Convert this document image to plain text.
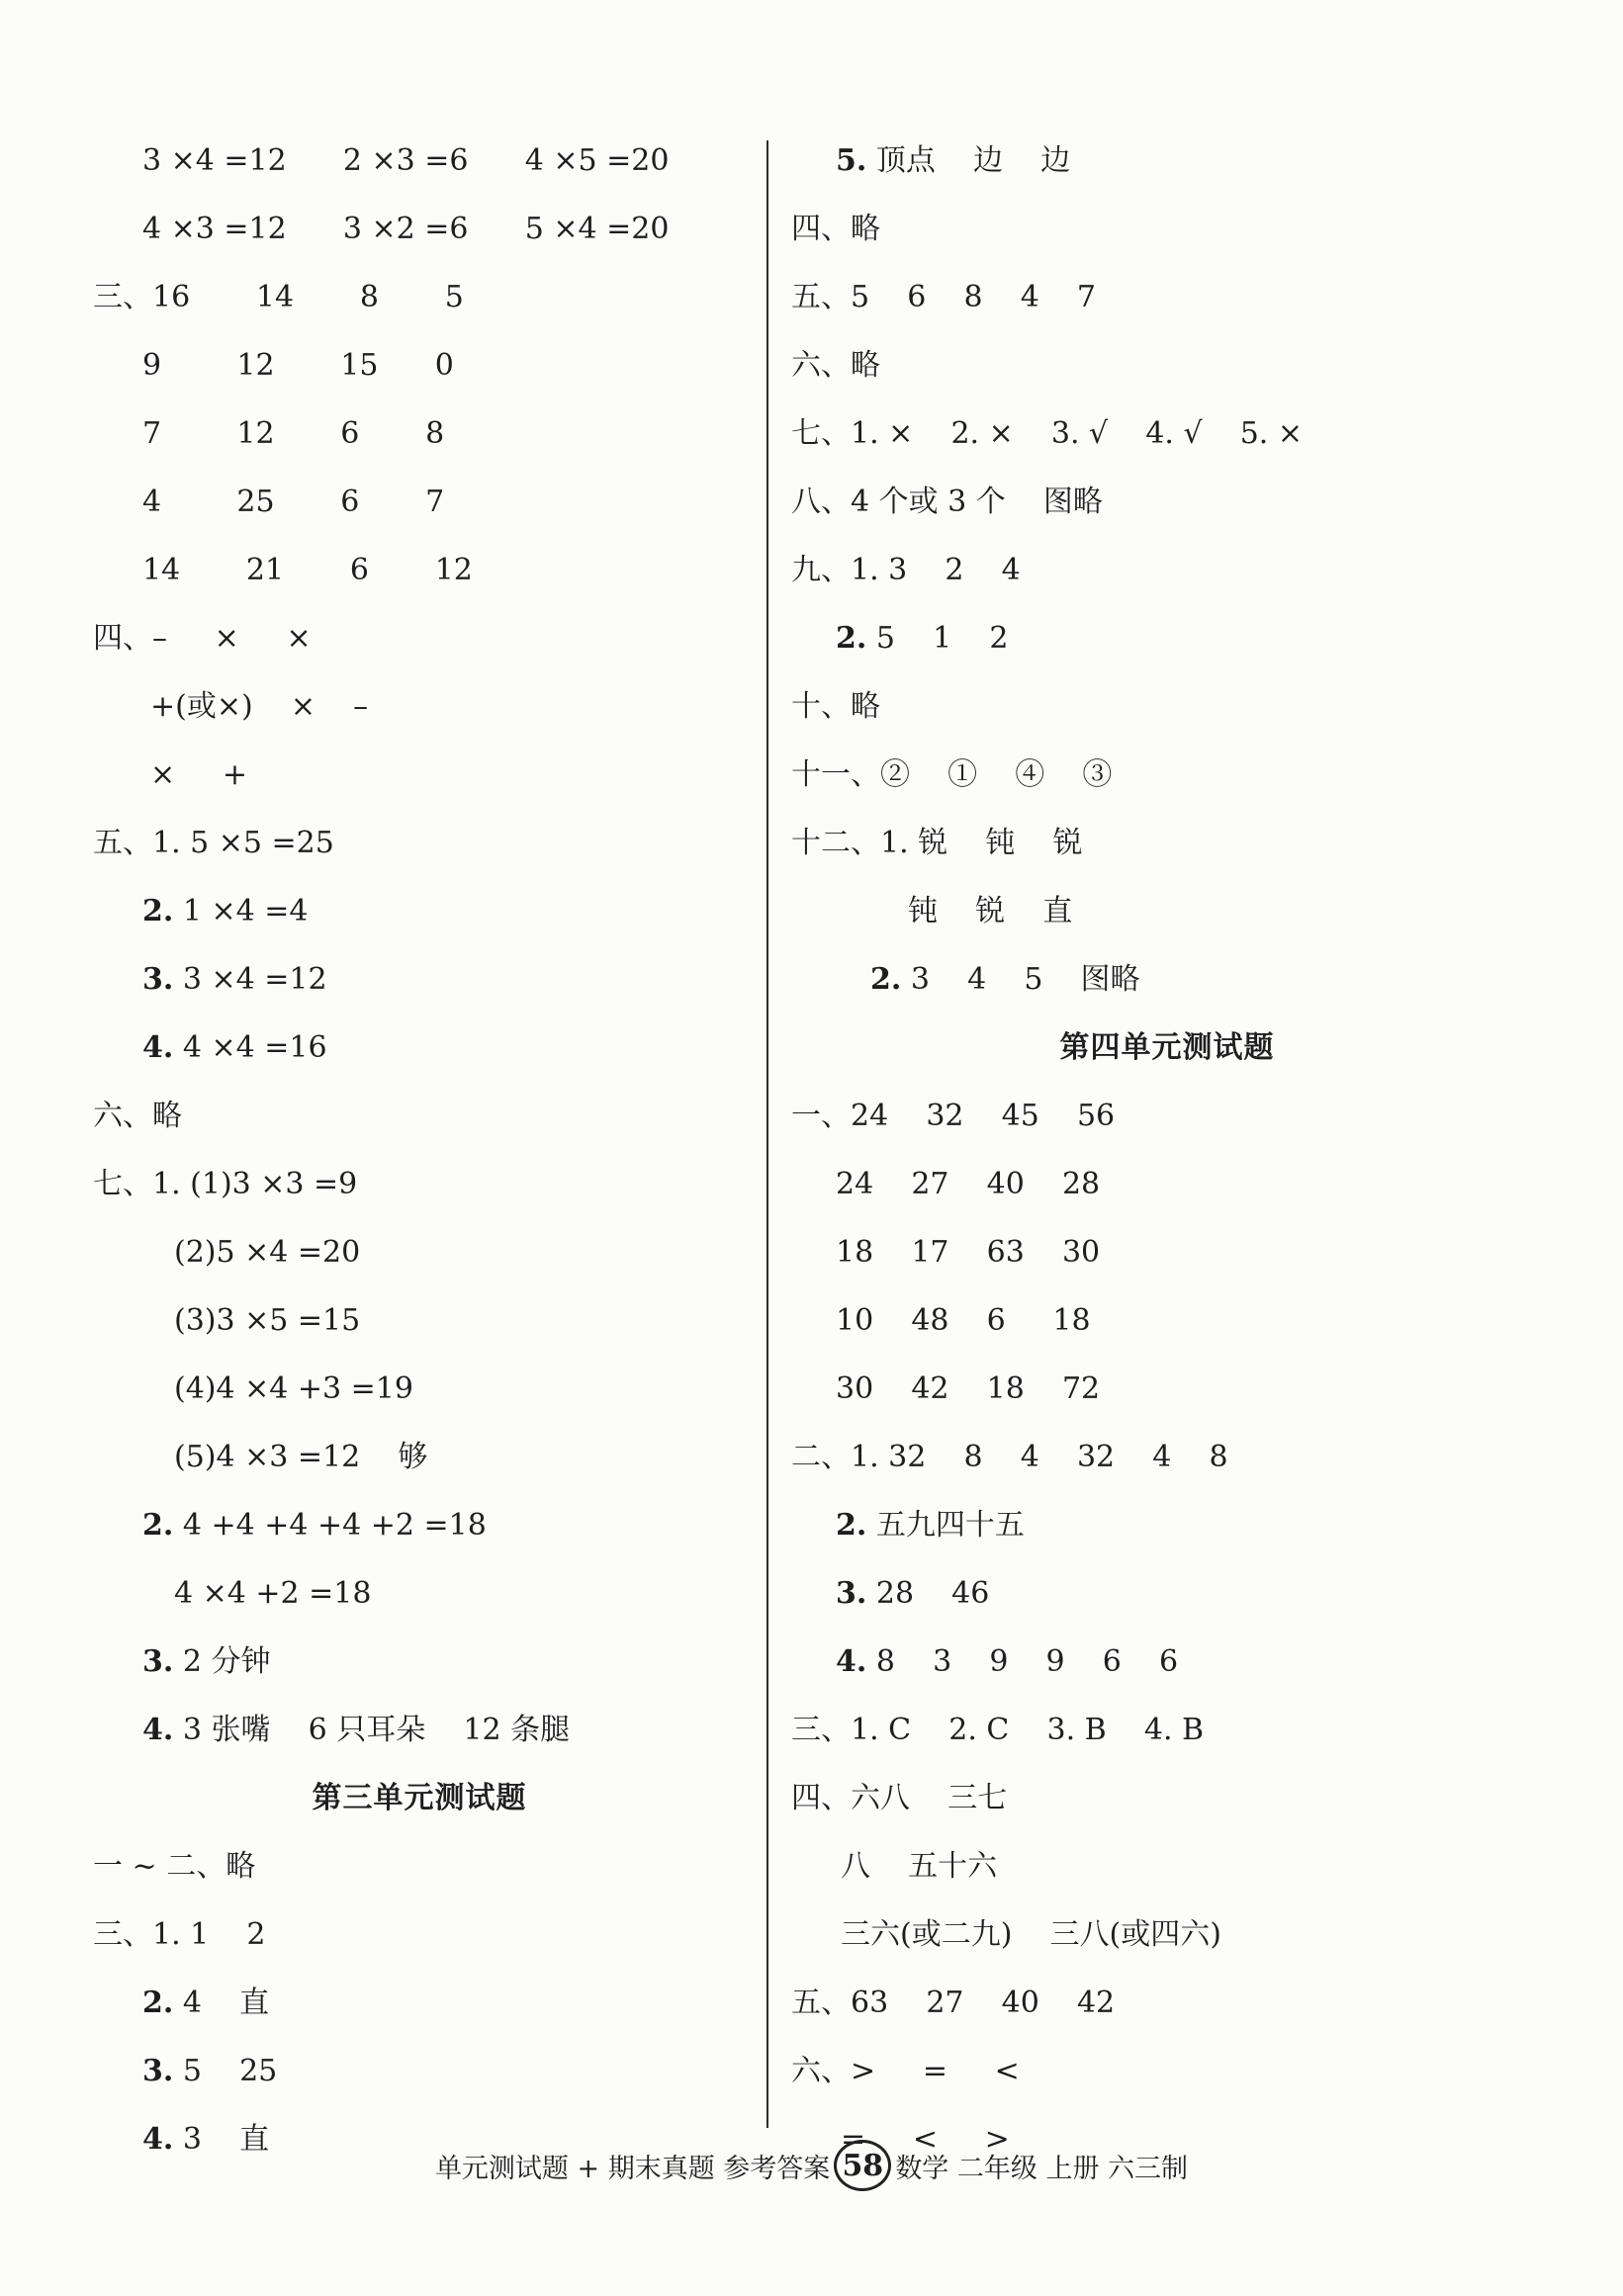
3 ×4 =12      2 ×3 =6      4 ×5 =20
4 ×3 =12      3 ×2 =6      5 ×4 =20
三、16       14       8       5
9        12       15      0
7        12       6       8
4        25       6       7
14       21       6       12
四、–     ×     ×
+(或×)    ×    –
×     +
五、1. 5 ×5 =25
2. 1 ×4 =4
3. 3 ×4 =12
4. 4 ×4 =16
六、略
七、1. (1)3 ×3 =9
(2)5 ×4 =20
(3)3 ×5 =15
(4)4 ×4 +3 =19
(5)4 ×3 =12    够
2. 4 +4 +4 +4 +2 =18
4 ×4 +2 =18
3. 2 分钟
4. 3 张嘴    6 只耳朵    12 条腿
第三单元测试题
一 ~ 二、略
三、1. 1    2
2. 4    直
3. 5    25
4. 3    直
5. 顶点    边    边
四、略
五、5    6    8    4    7
六、略
七、1. ×    2. ×    3. √    4. √    5. ×
八、4 个或 3 个    图略
九、1. 3    2    4
2. 5    1    2
十、略
十一、②    ①    ④    ③
十二、1. 锐    钝    锐
钝    锐    直
2. 3    4    5    图略
第四单元测试题
一、24    32    45    56
24    27    40    28
18    17    63    30
10    48    6     18
30    42    18    72
二、1. 32    8    4    32    4    8
2. 五九四十五
3. 28    46
4. 8    3    9    9    6    6
三、1. C    2. C    3. B    4. B
四、六八    三七
八    五十六
三六(或二九)    三八(或四六)
五、63    27    40    42
六、>     =     <
=     <     >
单元测试题 + 期末真题 参考答案 58 数学 二年级 上册 六三制
